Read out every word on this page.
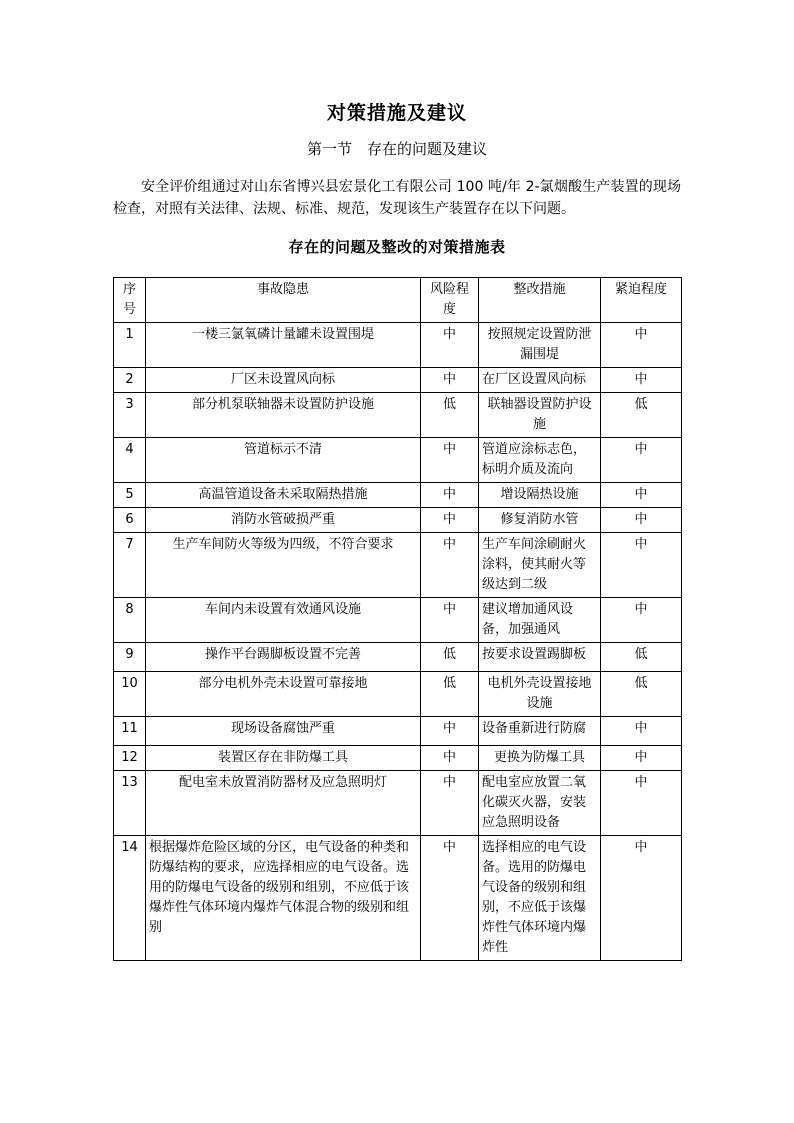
对策措施及建议
第一节　存在的问题及建议
安全评价组通过对山东省博兴县宏景化工有限公司 100 吨/年 2-氯烟酸生产装置的现场检查，对照有关法律、法规、标准、规范，发现该生产装置存在以下问题。
存在的问题及整改的对策措施表
序号	事故隐患	风险程度	整改措施	紧迫程度
1	一楼三氯氧磷计量罐未设置围堤	中	按照规定设置防泄漏围堤	中
2	厂区未设置风向标	中	在厂区设置风向标	中
3	部分机泵联轴器未设置防护设施	低	联轴器设置防护设施	低
4	管道标示不清	中	管道应涂标志色，标明介质及流向	中
5	高温管道设备未采取隔热措施	中	增设隔热设施	中
6	消防水管破损严重	中	修复消防水管	中
7	生产车间防火等级为四级，不符合要求	中	生产车间涂刷耐火涂料，使其耐火等级达到二级	中
8	车间内未设置有效通风设施	中	建议增加通风设备，加强通风	中
9	操作平台踢脚板设置不完善	低	按要求设置踢脚板	低
10	部分电机外壳未设置可靠接地	低	电机外壳设置接地设施	低
11	现场设备腐蚀严重	中	设备重新进行防腐	中
12	装置区存在非防爆工具	中	更换为防爆工具	中
13	配电室未放置消防器材及应急照明灯	中	配电室应放置二氧化碳灭火器，安装应急照明设备	中
14	根据爆炸危险区域的分区，电气设备的种类和防爆结构的要求，应选择相应的电气设备。选用的防爆电气设备的级别和组别，不应低于该爆炸性气体环境内爆炸气体混合物的级别和组别	中	选择相应的电气设备。选用的防爆电气设备的级别和组别，不应低于该爆炸性气体环境内爆炸性	中
